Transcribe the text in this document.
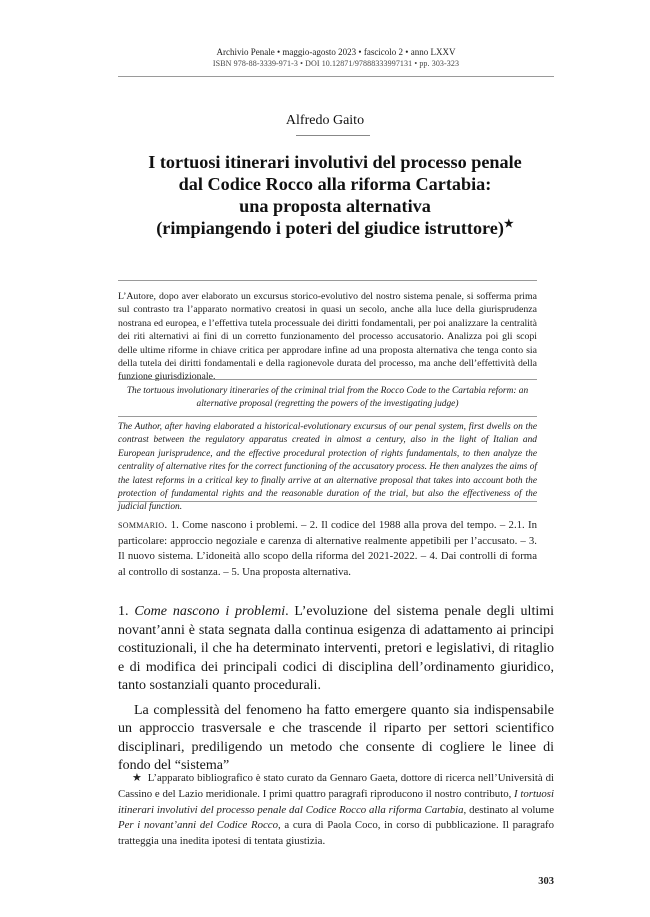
Archivio Penale • maggio-agosto 2023 • fascicolo 2 • anno LXXV
ISBN 978-88-3339-971-3 • DOI 10.12871/97888333997131 • pp. 303-323
Alfredo Gaito
I tortuosi itinerari involutivi del processo penale
dal Codice Rocco alla riforma Cartabia:
una proposta alternativa
(rimpiangendo i poteri del giudice istruttore)★

L’Autore, dopo aver elaborato un excursus storico-evolutivo del nostro sistema penale, si sofferma prima sul contrasto tra l’apparato normativo creatosi in quasi un secolo, anche alla luce della giurisprudenza nostrana ed europea, e l’effettiva tutela processuale dei diritti fondamentali, per poi analizzare la centralità dei riti alternativi ai fini di un corretto funzionamento del processo accusatorio. Analizza poi gli scopi delle ultime riforme in chiave critica per approdare infine ad una proposta alternativa che tenga conto sia della tutela dei diritti fondamentali e della ragionevole durata del processo, ma anche dell’effettività della funzione giurisdizionale.

The tortuous involutionary itineraries of the criminal trial from the Rocco Code to the Cartabia reform: an alternative proposal (regretting the powers of the investigating judge)

The Author, after having elaborated a historical-evolutionary excursus of our penal system, first dwells on the contrast between the regulatory apparatus created in almost a century, also in the light of Italian and European jurisprudence, and the effective procedural protection of rights fundamentals, to then analyze the centrality of alternative rites for the correct functioning of the accusatory process. He then analyzes the aims of the latest reforms in a critical key to finally arrive at an alternative proposal that takes into account both the protection of fundamental rights and the reasonable duration of the trial, but also the effectiveness of the judicial function.

sommario. 1. Come nascono i problemi. – 2. Il codice del 1988 alla prova del tempo. – 2.1. In particolare: approccio negoziale e carenza di alternative realmente appetibili per l’accusato. – 3. Il nuovo sistema. L’idoneità allo scopo della riforma del 2021-2022. – 4. Dai controlli di forma al controllo di sostanza. – 5. Una proposta alternativa.

1. Come nascono i problemi. L’evoluzione del sistema penale degli ultimi novant’anni è stata segnata dalla continua esigenza di adattamento ai principi costituzionali, il che ha determinato interventi, pretori e legislativi, di ritaglio e di modifica dei principali codici di disciplina dell’ordinamento giuridico, tanto sostanziali quanto procedurali.

La complessità del fenomeno ha fatto emergere quanto sia indispensabile un approccio trasversale e che trascende il riparto per settori scientifico disciplinari, prediligendo un metodo che consente di cogliere le linee di fondo del “sistema”

★ L’apparato bibliografico è stato curato da Gennaro Gaeta, dottore di ricerca nell’Università di Cassino e del Lazio meridionale. I primi quattro paragrafi riproducono il nostro contributo, I tortuosi itinerari involutivi del processo penale dal Codice Rocco alla riforma Cartabia, destinato al volume Per i novant’anni del Codice Rocco, a cura di Paola Coco, in corso di pubblicazione. Il paragrafo tratteggia una inedita ipotesi di tentata giustizia.

303
